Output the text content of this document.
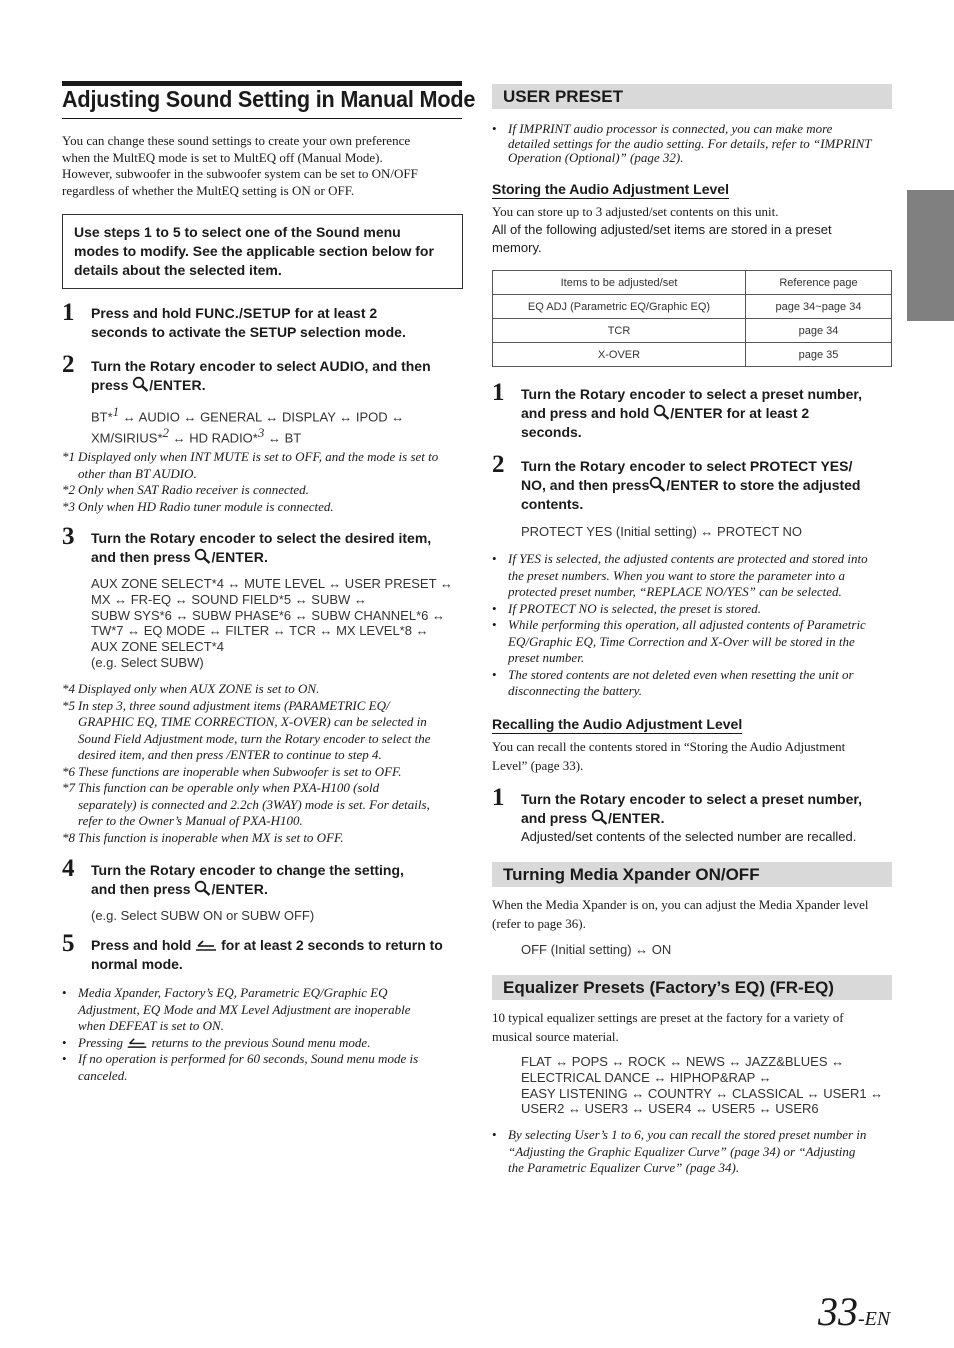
Adjusting Sound Setting in Manual Mode
You can change these sound settings to create your own preference
when the MultEQ mode is set to MultEQ off (Manual Mode).
However, subwoofer in the subwoofer system can be set to ON/OFF
regardless of whether the MultEQ setting is ON or OFF.
Use steps 1 to 5 to select one of the Sound menu
modes to modify. See the applicable section below for
details about the selected item.
1 Press and hold FUNC./SETUP for at least 2
seconds to activate the SETUP selection mode.
2 Turn the Rotary encoder to select AUDIO, and then
press /ENTER.
BT*$^1$ ↔ AUDIO ↔ GENERAL ↔ DISPLAY ↔ IPOD ↔
XM/SIRIUS*$^2$ ↔ HD RADIO*$^3$ ↔ BT
*1 Displayed only when INT MUTE is set to OFF, and the mode is set to
other than BT AUDIO.
*2 Only when SAT Radio receiver is connected.
*3 Only when HD Radio tuner module is connected.
3 Turn the Rotary encoder to select the desired item,
and then press /ENTER.
AUX ZONE SELECT*4 ↔ MUTE LEVEL ↔ USER PRESET ↔
MX ↔ FR-EQ ↔ SOUND FIELD*5 ↔ SUBW ↔
SUBW SYS*6 ↔ SUBW PHASE*6 ↔ SUBW CHANNEL*6 ↔
TW*7 ↔ EQ MODE ↔ FILTER ↔ TCR ↔ MX LEVEL*8 ↔
AUX ZONE SELECT*4
(e.g. Select SUBW)
*4 Displayed only when AUX ZONE is set to ON.
*5 In step 3, three sound adjustment items (PARAMETRIC EQ/
GRAPHIC EQ, TIME CORRECTION, X-OVER) can be selected in
Sound Field Adjustment mode, turn the Rotary encoder to select the
desired item, and then press /ENTER to continue to step 4.
*6 These functions are inoperable when Subwoofer is set to OFF.
*7 This function can be operable only when PXA-H100 (sold
separately) is connected and 2.2ch (3WAY) mode is set. For details,
refer to the Owner’s Manual of PXA-H100.
*8 This function is inoperable when MX is set to OFF.
4 Turn the Rotary encoder to change the setting,
and then press /ENTER.
(e.g. Select SUBW ON or SUBW OFF)
5 Press and hold  for at least 2 seconds to return to
normal mode.
• Media Xpander, Factory’s EQ, Parametric EQ/Graphic EQ
Adjustment, EQ Mode and MX Level Adjustment are inoperable
when DEFEAT is set to ON.
• Pressing returns to the previous Sound menu mode.
• If no operation is performed for 60 seconds, Sound menu mode is
canceled.
USER PRESET
• If IMPRINT audio processor is connected, you can make more
detailed settings for the audio setting. For details, refer to “IMPRINT
Operation (Optional)” (page 32).
Storing the Audio Adjustment Level
You can store up to 3 adjusted/set contents on this unit.
All of the following adjusted/set items are stored in a preset
memory.
Items to be adjusted/set	Reference page
EQ ADJ (Parametric EQ/Graphic EQ)	page 34~page 34
TCR	page 34
X-OVER	page 35
1 Turn the Rotary encoder to select a preset number,
and press and hold /ENTER for at least 2
seconds.
2 Turn the Rotary encoder to select PROTECT YES/
NO, and then press /ENTER to store the adjusted
contents.
PROTECT YES (Initial setting) ↔ PROTECT NO
• If YES is selected, the adjusted contents are protected and stored into
the preset numbers. When you want to store the parameter into a
protected preset number, “REPLACE NO/YES” can be selected.
• If PROTECT NO is selected, the preset is stored.
• While performing this operation, all adjusted contents of Parametric
EQ/Graphic EQ, Time Correction and X-Over will be stored in the
preset number.
• The stored contents are not deleted even when resetting the unit or
disconnecting the battery.
Recalling the Audio Adjustment Level
You can recall the contents stored in “Storing the Audio Adjustment
Level” (page 33).
1 Turn the Rotary encoder to select a preset number,
and press /ENTER.
Adjusted/set contents of the selected number are recalled.
Turning Media Xpander ON/OFF
When the Media Xpander is on, you can adjust the Media Xpander level
(refer to page 36).
OFF (Initial setting) ↔ ON
Equalizer Presets (Factory’s EQ) (FR-EQ)
10 typical equalizer settings are preset at the factory for a variety of
musical source material.
FLAT ↔ POPS ↔ ROCK ↔ NEWS ↔ JAZZ&BLUES ↔
ELECTRICAL DANCE ↔ HIPHOP&RAP ↔
EASY LISTENING ↔ COUNTRY ↔ CLASSICAL ↔ USER1 ↔
USER2 ↔ USER3 ↔ USER4 ↔ USER5 ↔ USER6
• By selecting User’s 1 to 6, you can recall the stored preset number in
“Adjusting the Graphic Equalizer Curve” (page 34) or “Adjusting
the Parametric Equalizer Curve” (page 34).
33-EN
